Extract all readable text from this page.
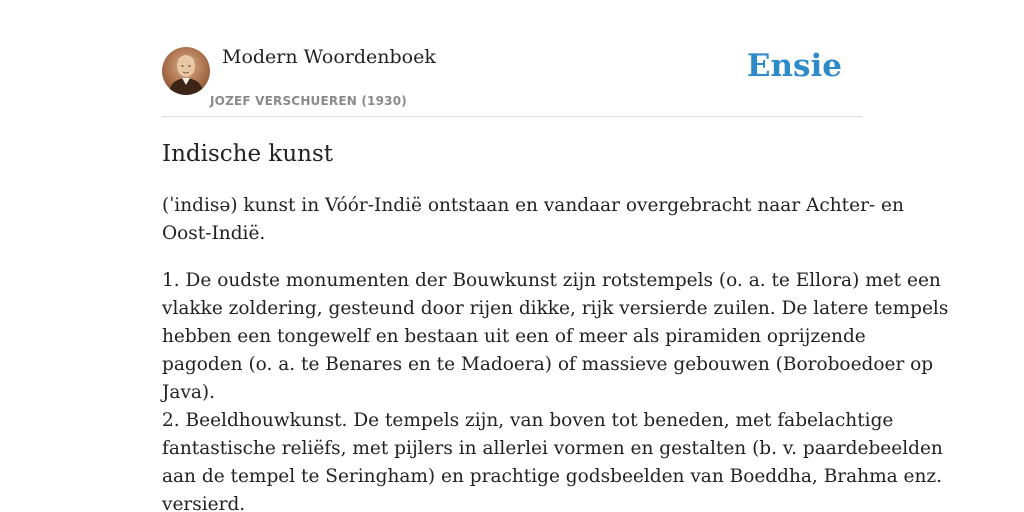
Modern Woordenboek
JOZEF VERSCHUEREN (1930)
Ensie
Indische kunst

(ˈindisə) kunst in Vóór-Indië ontstaan en vandaar overgebracht naar Achter- en
Oost-Indië.

1. De oudste monumenten der Bouwkunst zijn rotstempels (o. a. te Ellora) met een
vlakke zoldering, gesteund door rijen dikke, rijk versierde zuilen. De latere tempels
hebben een tongewelf en bestaan uit een of meer als piramiden oprijzende
pagoden (o. a. te Benares en te Madoera) of massieve gebouwen (Boroboedoer op
Java).
2. Beeldhouwkunst. De tempels zijn, van boven tot beneden, met fabelachtige
fantastische reliëfs, met pijlers in allerlei vormen en gestalten (b. v. paardebeelden
aan de tempel te Seringham) en prachtige godsbeelden van Boeddha, Brahma enz.
versierd.
